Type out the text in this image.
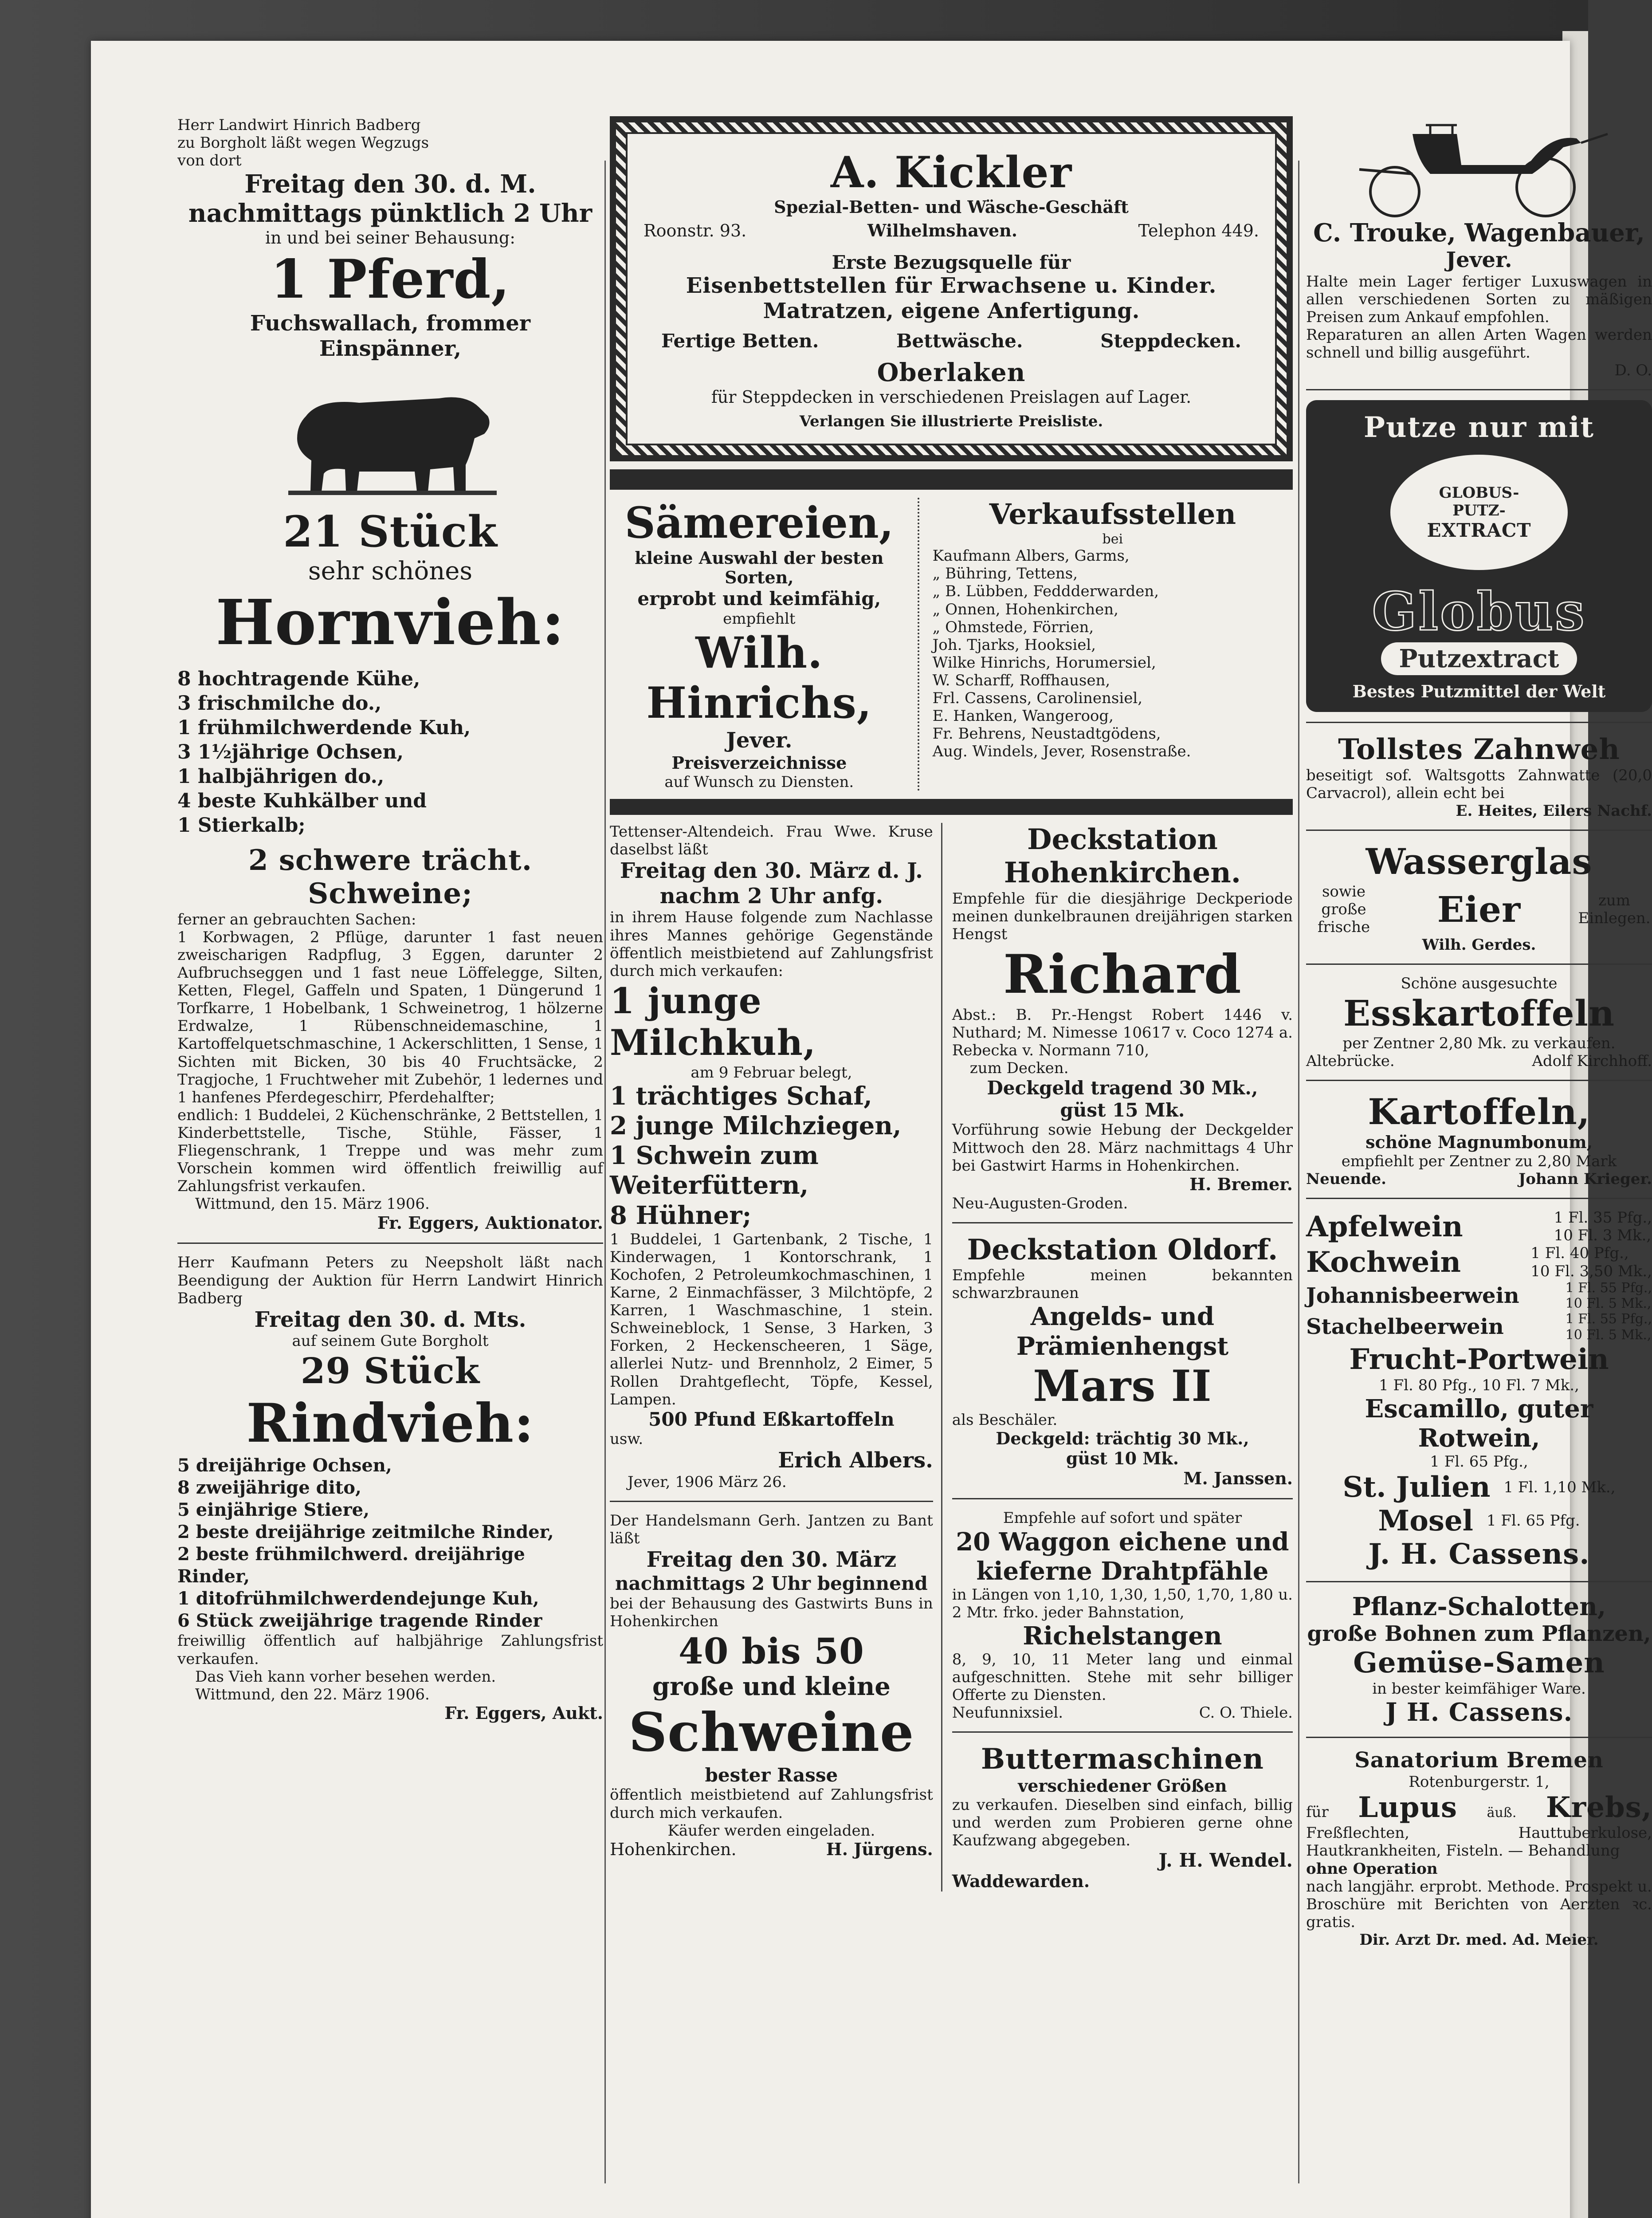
Herr Landwirt Hinrich Badberg

zu Borgholt läßt wegen Wegzugs

von dort

Freitag den 30. d. M.

nachmittags pünktlich 2 Uhr

in und bei seiner Behausung:

1 Pferd,

Fuchswallach, frommer Einspänner,

21 Stück

sehr schönes

Hornvieh:

8 hochtragende Kühe,

3 frischmilche do.,

1 frühmilchwerdende Kuh,

3 1½jährige Ochsen,

1 halbjährigen do.,

4 beste Kuhkälber und

1 Stierkalb;

2 schwere trächt. Schweine;

ferner an gebrauchten Sachen:

1 Korbwagen, 2 Pflüge, darunter 1 fast neuen zweischarigen Radpflug, 3 Eggen, darunter 2 Aufbruchseggen und 1 fast neue Löffelegge, Silten, Ketten, Flegel, Gaffeln und Spaten, 1 Düngerund 1 Torfkarre, 1 Hobelbank, 1 Schweinetrog, 1 hölzerne Erdwalze, 1 Rübenschneidemaschine, 1 Kartoffelquetschmaschine, 1 Ackerschlitten, 1 Sense, 1 Sichten mit Bicken, 30 bis 40 Fruchtsäcke, 2 Tragjoche, 1 Fruchtweher mit Zubehör, 1 ledernes und 1 hanfenes Pferdegeschirr, Pferdehalfter;

endlich: 1 Buddelei, 2 Küchenschränke, 2 Bettstellen, 1 Kinderbettstelle, Tische, Stühle, Fässer, 1 Fliegenschrank, 1 Treppe und was mehr zum Vorschein kommen wird öffentlich freiwillig auf Zahlungsfrist verkaufen.

Wittmund, den 15. März 1906.

Fr. Eggers, Auktionator.

Herr Kaufmann Peters zu Neepsholt läßt nach Beendigung der Auktion für Herrn Landwirt Hinrich Badberg

Freitag den 30. d. Mts.

auf seinem Gute Borgholt

29 Stück

Rindvieh:

5 dreijährige Ochsen,

8 zweijährige dito,

5 einjährige Stiere,

2 beste dreijährige zeitmilche Rinder,

2 beste frühmilchwerd. dreijährige Rinder,

1 ditofrühmilchwerdendejunge Kuh,

6 Stück zweijährige tragende Rinder

freiwillig öffentlich auf halbjährige Zahlungsfrist verkaufen.

Das Vieh kann vorher besehen werden.

Wittmund, den 22. März 1906.

Fr. Eggers, Aukt.

A. Kickler

Spezial-Betten- und Wäsche-Geschäft

Roonstr. 93.	Wilhelmshaven.	Telephon 449.

Erste Bezugsquelle für

Eisenbettstellen für Erwachsene u. Kinder.

Matratzen, eigene Anfertigung.

Fertige Betten.	Bettwäsche.	Steppdecken.

Oberlaken

für Steppdecken in verschiedenen Preislagen auf Lager.

Verlangen Sie illustrierte Preisliste.

Sämereien,

kleine Auswahl der besten Sorten,

erprobt und keimfähig,

empfiehlt

Wilh. Hinrichs,

Jever.

Preisverzeichnisse

auf Wunsch zu Diensten.

Verkaufsstellen

bei

Kaufmann Albers, Garms,

„ Bühring, Tettens,

„ B. Lübben, Feddderwarden,

„ Onnen, Hohenkirchen,

„ Ohmstede, Förrien,

Joh. Tjarks, Hooksiel,

Wilke Hinrichs, Horumersiel,

W. Scharff, Roffhausen,

Frl. Cassens, Carolinensiel,

E. Hanken, Wangeroog,

Fr. Behrens, Neustadtgödens,

Aug. Windels, Jever, Rosenstraße.

Tettenser-Altendeich. Frau Wwe. Kruse daselbst läßt

Freitag den 30. März d. J.

nachm 2 Uhr anfg.

in ihrem Hause folgende zum Nachlasse ihres Mannes gehörige Gegenstände öffentlich meistbietend auf Zahlungsfrist durch mich verkaufen:

1 junge Milchkuh,

am 9 Februar belegt,

1 trächtiges Schaf,

2 junge Milchziegen,

1 Schwein zum Weiterfüttern,

8 Hühner;

1 Buddelei, 1 Gartenbank, 2 Tische, 1 Kinderwagen, 1 Kontorschrank, 1 Kochofen, 2 Petroleumkochmaschinen, 1 Karne, 2 Einmachfässer, 3 Milchtöpfe, 2 Karren, 1 Waschmaschine, 1 stein. Schweineblock, 1 Sense, 3 Harken, 3 Forken, 2 Heckenscheeren, 1 Säge, allerlei Nutz- und Brennholz, 2 Eimer, 5 Rollen Drahtgeflecht, Töpfe, Kessel, Lampen.

500 Pfund Eßkartoffeln

usw.

Erich Albers.

Jever, 1906 März 26.

Der Handelsmann Gerh. Jantzen zu Bant läßt

Freitag den 30. März

nachmittags 2 Uhr beginnend

bei der Behausung des Gastwirts Buns in Hohenkirchen

40 bis 50

große und kleine

Schweine

bester Rasse

öffentlich meistbietend auf Zahlungsfrist durch mich verkaufen.

Käufer werden eingeladen.

Hohenkirchen.	H. Jürgens.

Deckstation Hohenkirchen.

Empfehle für die diesjährige Deckperiode meinen dunkelbraunen dreijährigen starken Hengst

Richard

Abst.: B. Pr.-Hengst Robert 1446 v. Nuthard; M. Nimesse 10617 v. Coco 1274 a. Rebecka v. Normann 710,

zum Decken.

Deckgeld tragend 30 Mk.,

güst 15 Mk.

Vorführung sowie Hebung der Deckgelder Mittwoch den 28. März nachmittags 4 Uhr bei Gastwirt Harms in Hohenkirchen.

H. Bremer.

Neu-Augusten-Groden.

Deckstation Oldorf.

Empfehle meinen bekannten schwarzbraunen

Angelds- und Prämienhengst

Mars II

als Beschäler.

Deckgeld: trächtig 30 Mk.,

güst 10 Mk.

M. Janssen.

Empfehle auf sofort und später

20 Waggon eichene und

kieferne Drahtpfähle

in Längen von 1,10, 1,30, 1,50, 1,70, 1,80 u. 2 Mtr. frko. jeder Bahnstation,

Richelstangen

8, 9, 10, 11 Meter lang und einmal aufgeschnitten. Stehe mit sehr billiger Offerte zu Diensten.

Neufunnixsiel.	C. O. Thiele.

Buttermaschinen

verschiedener Größen

zu verkaufen. Dieselben sind einfach, billig und werden zum Probieren gerne ohne Kaufzwang abgegeben.

J. H. Wendel.

Waddewarden.

C. Trouke, Wagenbauer,

Jever.

Halte mein Lager fertiger Luxuswagen in allen verschiedenen Sorten zu mäßigen Preisen zum Ankauf empfohlen.

Reparaturen an allen Arten Wagen werden schnell und billig ausgeführt.

D. O.

Putze nur mit
GLOBUS-
PUTZ-
EXTRACT
Globus
Putzextract
Bestes Putzmittel der Welt

Tollstes Zahnweh

beseitigt sof. Waltsgotts Zahnwatte (20,0 Carvacrol), allein echt bei

E. Heites, Eilers Nachf.

Wasserglas

sowie große frische	Eier	zum Einlegen.

Wilh. Gerdes.

Schöne ausgesuchte

Esskartoffeln

per Zentner 2,80 Mk. zu verkaufen.

Altebrücke.	Adolf Kirchhoff.

Kartoffeln,

schöne Magnumbonum,

empfiehlt per Zentner zu 2,80 Mark

Neuende.	Johann Krieger.
Apfelwein	1 Fl. 35 Pfg.,
10 Fl. 3 Mk.,
Kochwein	1 Fl. 40 Pfg.,
10 Fl. 3,50 Mk.,
Johannisbeerwein	1 Fl. 55 Pfg.,
10 Fl. 5 Mk.,
Stachelbeerwein	1 Fl. 55 Pfg.,
10 Fl. 5 Mk.,

Frucht-Portwein

1 Fl. 80 Pfg., 10 Fl. 7 Mk.,

Escamillo, guter Rotwein,

1 Fl. 65 Pfg.,

St. Julien 1 Fl. 1,10 Mk.,
Mosel 1 Fl. 65 Pfg.

J. H. Cassens.

Pflanz-Schalotten,

große Bohnen zum Pflanzen,

Gemüse-Samen

in bester keimfähiger Ware.

J H. Cassens.

Sanatorium Bremen

Rotenburgerstr. 1,

für Lupus äuß. Krebs,

Freßflechten, Hauttuberkulose, Hautkrankheiten, Fisteln. — Behandlung

ohne Operation

nach langjähr. erprobt. Methode. Prospekt u. Broschüre mit Berichten von Aerzten ꝛc. gratis.

Dir. Arzt Dr. med. Ad. Meier.
